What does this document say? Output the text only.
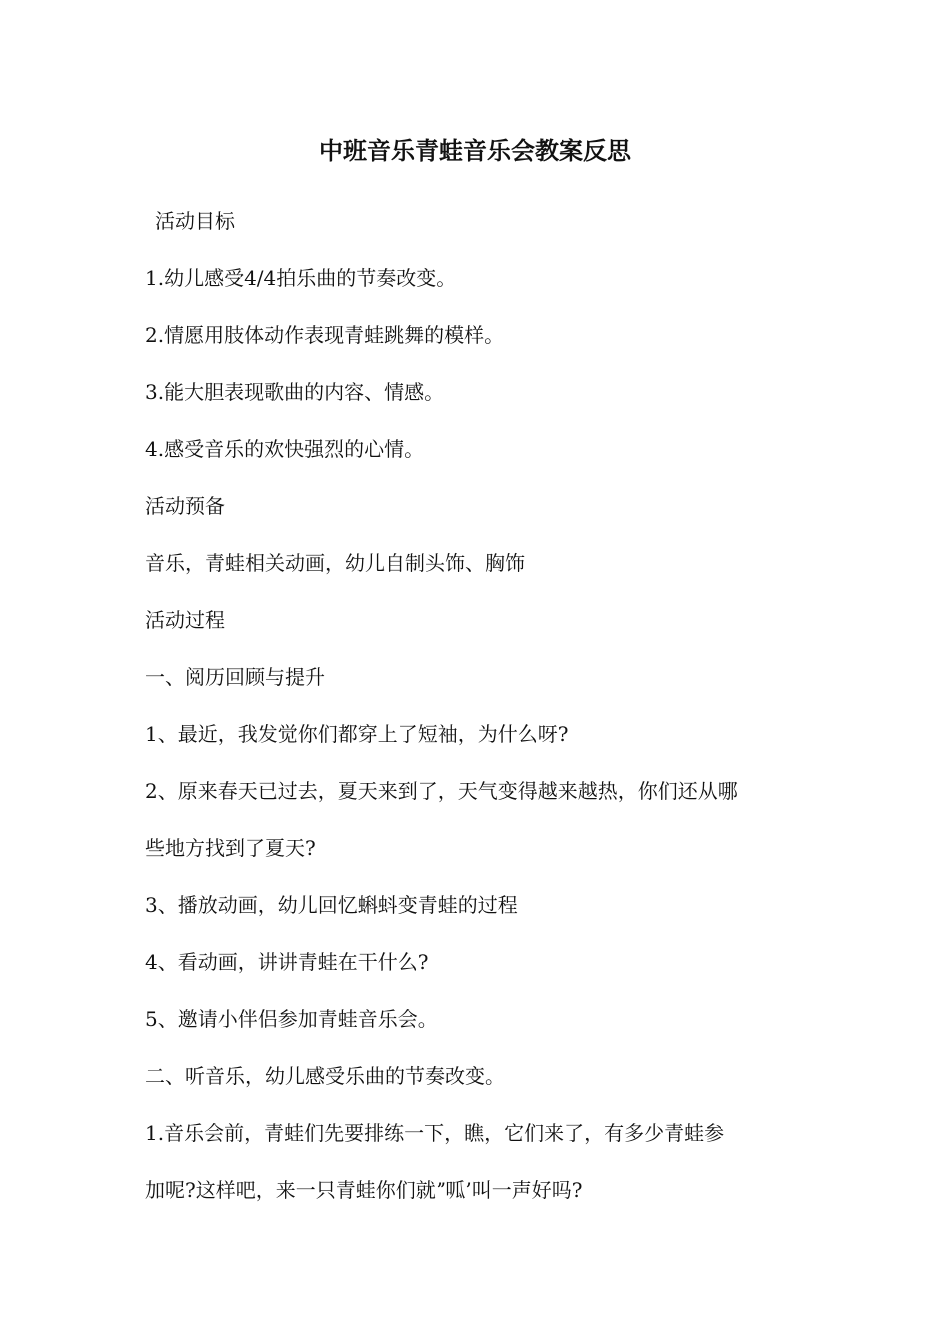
中班音乐青蛙音乐会教案反思

活动目标

1.幼儿感受4/4拍乐曲的节奏改变。

2.情愿用肢体动作表现青蛙跳舞的模样。

3.能大胆表现歌曲的内容、情感。

4.感受音乐的欢快强烈的心情。

活动预备

音乐，青蛙相关动画，幼儿自制头饰、胸饰

活动过程

一、阅历回顾与提升

1、最近，我发觉你们都穿上了短袖，为什么呀?

2、原来春天已过去，夏天来到了，天气变得越来越热，你们还从哪

些地方找到了夏天?

3、播放动画，幼儿回忆蝌蚪变青蛙的过程

4、看动画，讲讲青蛙在干什么?

5、邀请小伴侣参加青蛙音乐会。

二、听音乐，幼儿感受乐曲的节奏改变。

1.音乐会前，青蛙们先要排练一下，瞧，它们来了，有多少青蛙参

加呢?这样吧，来一只青蛙你们就ˮ呱’叫一声好吗?
